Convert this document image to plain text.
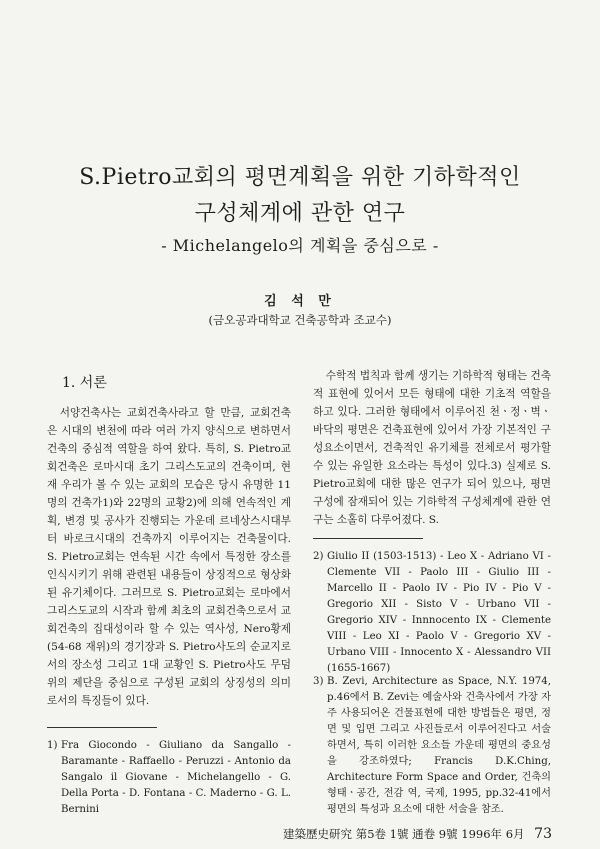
S.Pietro교회의 평면계획을 위한 기하학적인
구성체계에 관한 연구
- Michelangelo의 계획을 중심으로 -
김 석 만
(금오공과대학교 건축공학과 조교수)
1. 서론

서양건축사는 교회건축사라고 할 만큼, 교회건축은 시대의 변천에 따라 여러 가지 양식으로 변하면서 건축의 중심적 역할을 하여 왔다. 특히, S. Pietro교회건축은 로마시대 초기 그리스도교의 건축이며, 현재 우리가 볼 수 있는 교회의 모습은 당시 유명한 11명의 건축가1)와 22명의 교황2)에 의해 연속적인 계획, 변경 및 공사가 진행되는 가운데 르네상스시대부터 바로크시대의 건축까지 이루어지는 건축물이다. S. Pietro교회는 연속된 시간 속에서 특정한 장소를 인식시키기 위해 관련된 내용들이 상징적으로 형상화된 유기체이다. 그러므로 S. Pietro교회는 로마에서 그리스도교의 시작과 함께 최초의 교회건축으로서 교회건축의 집대성이라 할 수 있는 역사성, Nero황제(54-68 재위)의 경기장과 S. Pietro사도의 순교지로서의 장소성 그리고 1대 교황인 S. Pietro사도 무덤 위의 제단을 중심으로 구성된 교회의 상징성의 의미로서의 특징들이 있다.

수학적 법칙과 함께 생기는 기하학적 형태는 건축적 표현에 있어서 모든 형태에 대한 기초적 역할을 하고 있다. 그러한 형태에서 이루어진 천ㆍ정ㆍ벽ㆍ바닥의 평면은 건축표현에 있어서 가장 기본적인 구성요소이면서, 건축적인 유기체를 전체로서 평가할 수 있는 유일한 요소라는 특성이 있다.3) 실제로 S. Pietro교회에 대한 많은 연구가 되어 있으나, 평면구성에 잠재되어 있는 기하학적 구성체계에 관한 연구는 소홀히 다루어졌다. S.

1) Fra Giocondo - Giuliano da Sangallo - Baramante - Raffaello - Peruzzi - Antonio da Sangalo il Giovane - Michelangello - G. Della Porta - D. Fontana - C. Maderno - G. L. Bernini
2) Giulio II (1503-1513) - Leo X - Adriano VI - Clemente VII - Paolo III - Giulio III - Marcello II - Paolo IV - Pio IV - Pio V - Gregorio XII - Sisto V - Urbano VII - Gregorio XIV - Innnocento IX - Clemente VIII - Leo XI - Paolo V - Gregorio XV - Urbano VIII - Innocento X - Alessandro VII (1655-1667)
3) B. Zevi, Architecture as Space, N.Y. 1974, p.46에서 B. Zevi는 예술사와 건축사에서 가장 자주 사용되어온 건물표현에 대한 방법들은 평면, 정면 및 입면 그리고 사진들로서 이루어진다고 서술하면서, 특히 이러한 요소들 가운데 평면의 중요성을 강조하였다; Francis D.K.Ching, Architecture Form Space and Order, 건축의 형태ㆍ공간, 전감 역, 국제, 1995, pp.32-41에서 평면의 특성과 요소에 대한 서술을 참조.
建築歷史研究 第5卷 1號 通卷 9號 1996年 6月 73
